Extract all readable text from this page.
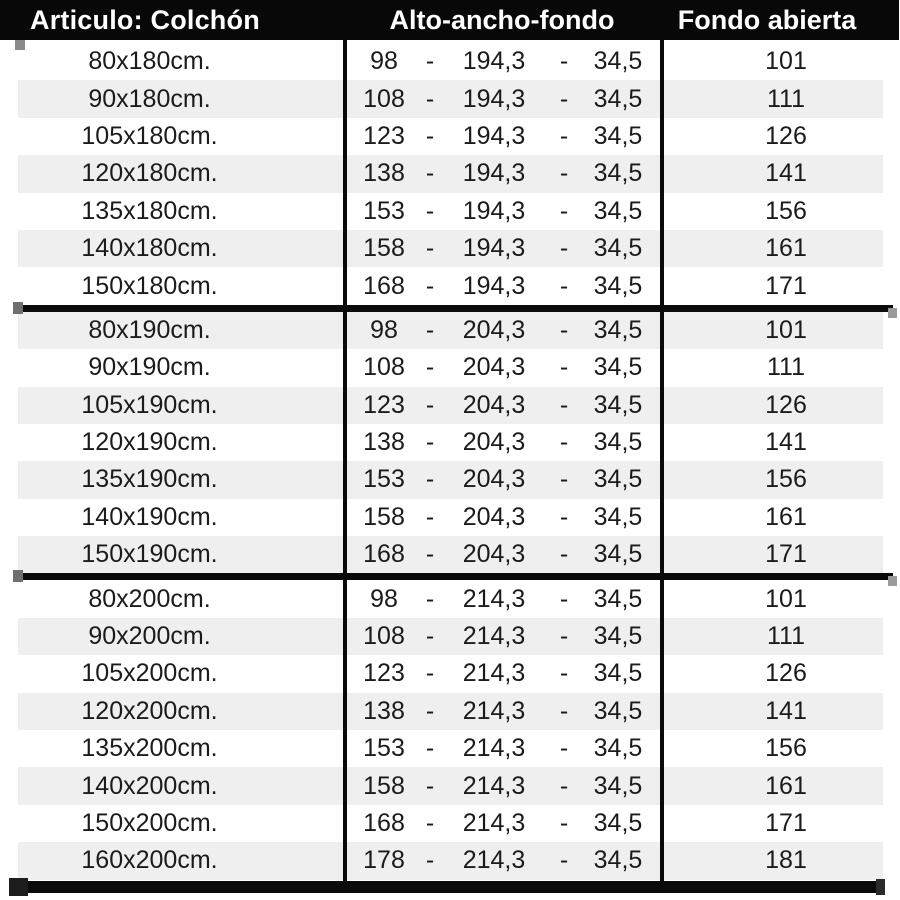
Articulo: Colchón	Alto-ancho-fondo	Fondo abierta
80x180cm.	98	-	194,3	-	34,5	101
90x180cm.	108 -	194,3	-	34,5	111
105x180cm.	123 -	194,3	-	34,5	126
120x180cm.	138 -	194,3	-	34,5	141
135x180cm.	153 -	194,3	-	34,5	156
140x180cm.	158 -	194,3	-	34,5	161
150x180cm.	168 -	194,3	-	34,5	171
80x190cm.	98	-	204,3	-	34,5	101
90x190cm.	108 -	204,3	-	34,5	111
105x190cm.	123 -	204,3	-	34,5	126
120x190cm.	138 -	204,3	-	34,5	141
135x190cm.	153 -	204,3	-	34,5	156
140x190cm.	158 -	204,3	-	34,5	161
150x190cm.	168 -	204,3	-	34,5	171
80x200cm.	98	-	214,3	-	34,5	101
90x200cm.	108 -	214,3	-	34,5	111
105x200cm.	123 -	214,3	-	34,5	126
120x200cm.	138 -	214,3	-	34,5	141
135x200cm.	153 -	214,3	-	34,5	156
140x200cm.	158 -	214,3	-	34,5	161
150x200cm.	168 -	214,3	-	34,5	171
160x200cm.	178 -	214,3	-	34,5	181
